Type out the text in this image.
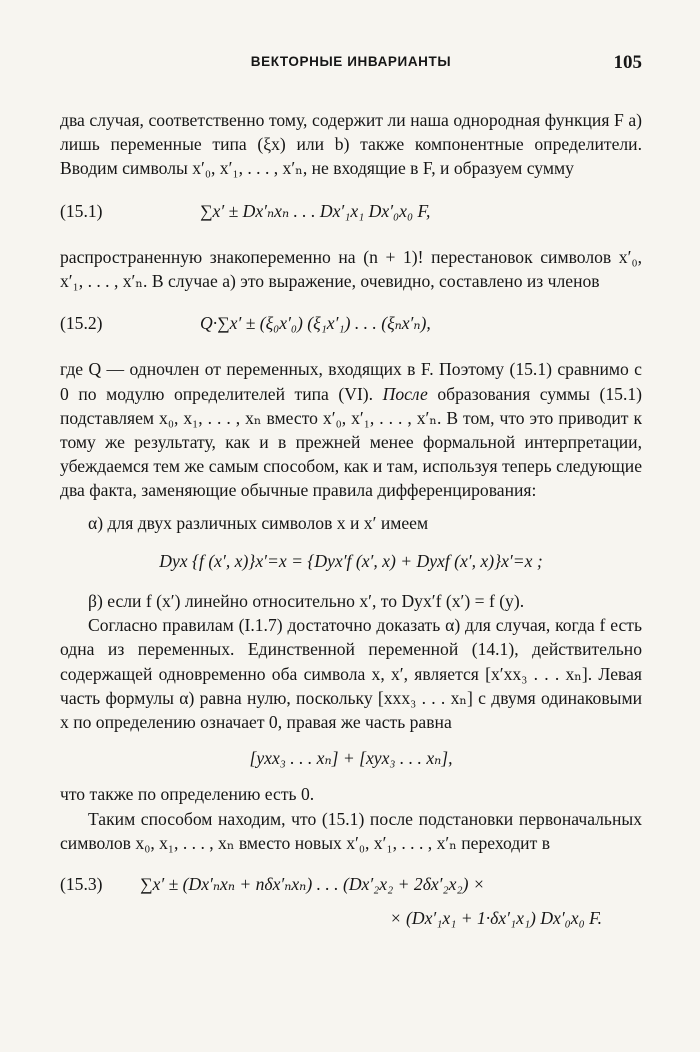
ВЕКТОРНЫЕ ИНВАРИАНТЫ	105

два случая, соответственно тому, содержит ли наша однородная функция F a) лишь переменные типа (ξx) или b) также компонентные определители. Вводим символы x′₀, x′₁, . . . , x′ₙ, не входящие в F, и образуем сумму

(15.1)	∑x′ ± Dx′ₙxₙ . . . Dx′₁x₁ Dx′₀x₀ F,

распространенную знакопеременно на (n + 1)! перестановок символов x′₀, x′₁, . . . , x′ₙ. В случае a) это выражение, очевидно, составлено из членов

(15.2)	Q·∑x′ ± (ξ₀x′₀) (ξ₁x′₁) . . . (ξₙx′ₙ),

где Q — одночлен от переменных, входящих в F. Поэтому (15.1) сравнимо с 0 по модулю определителей типа (VI). После образования суммы (15.1) подставляем x₀, x₁, . . . , xₙ вместо x′₀, x′₁, . . . , x′ₙ. В том, что это приводит к тому же результату, как и в прежней менее формальной интерпретации, убеждаемся тем же самым способом, как и там, используя теперь следующие два факта, заменяющие обычные правила дифференцирования:

α) для двух различных символов x и x′ имеем

Dyx {f (x′, x)}x′=x = {Dyx′f (x′, x) + Dyxf (x′, x)}x′=x ;

β) если f (x′) линейно относительно x′, то Dyx′f (x′) = f (y).

Согласно правилам (I.1.7) достаточно доказать α) для случая, когда f есть одна из переменных. Единственной переменной (14.1), действительно содержащей одновременно оба символа x, x′, является [x′xx₃ . . . xₙ]. Левая часть формулы α) равна нулю, поскольку [xxx₃ . . . xₙ] с двумя одинаковыми x по определению означает 0, правая же часть равна

[yxx₃ . . . xₙ] + [xyx₃ . . . xₙ],

что также по определению есть 0.

Таким способом находим, что (15.1) после подстановки первоначальных символов x₀, x₁, . . . , xₙ вместо новых x′₀, x′₁, . . . , x′ₙ переходит в

(15.3)	∑x′ ± (Dx′ₙxₙ + nδx′ₙxₙ) . . . (Dx′₂x₂ + 2δx′₂x₂) ×
× (Dx′₁x₁ + 1·δx′₁x₁) Dx′₀x₀ F.
